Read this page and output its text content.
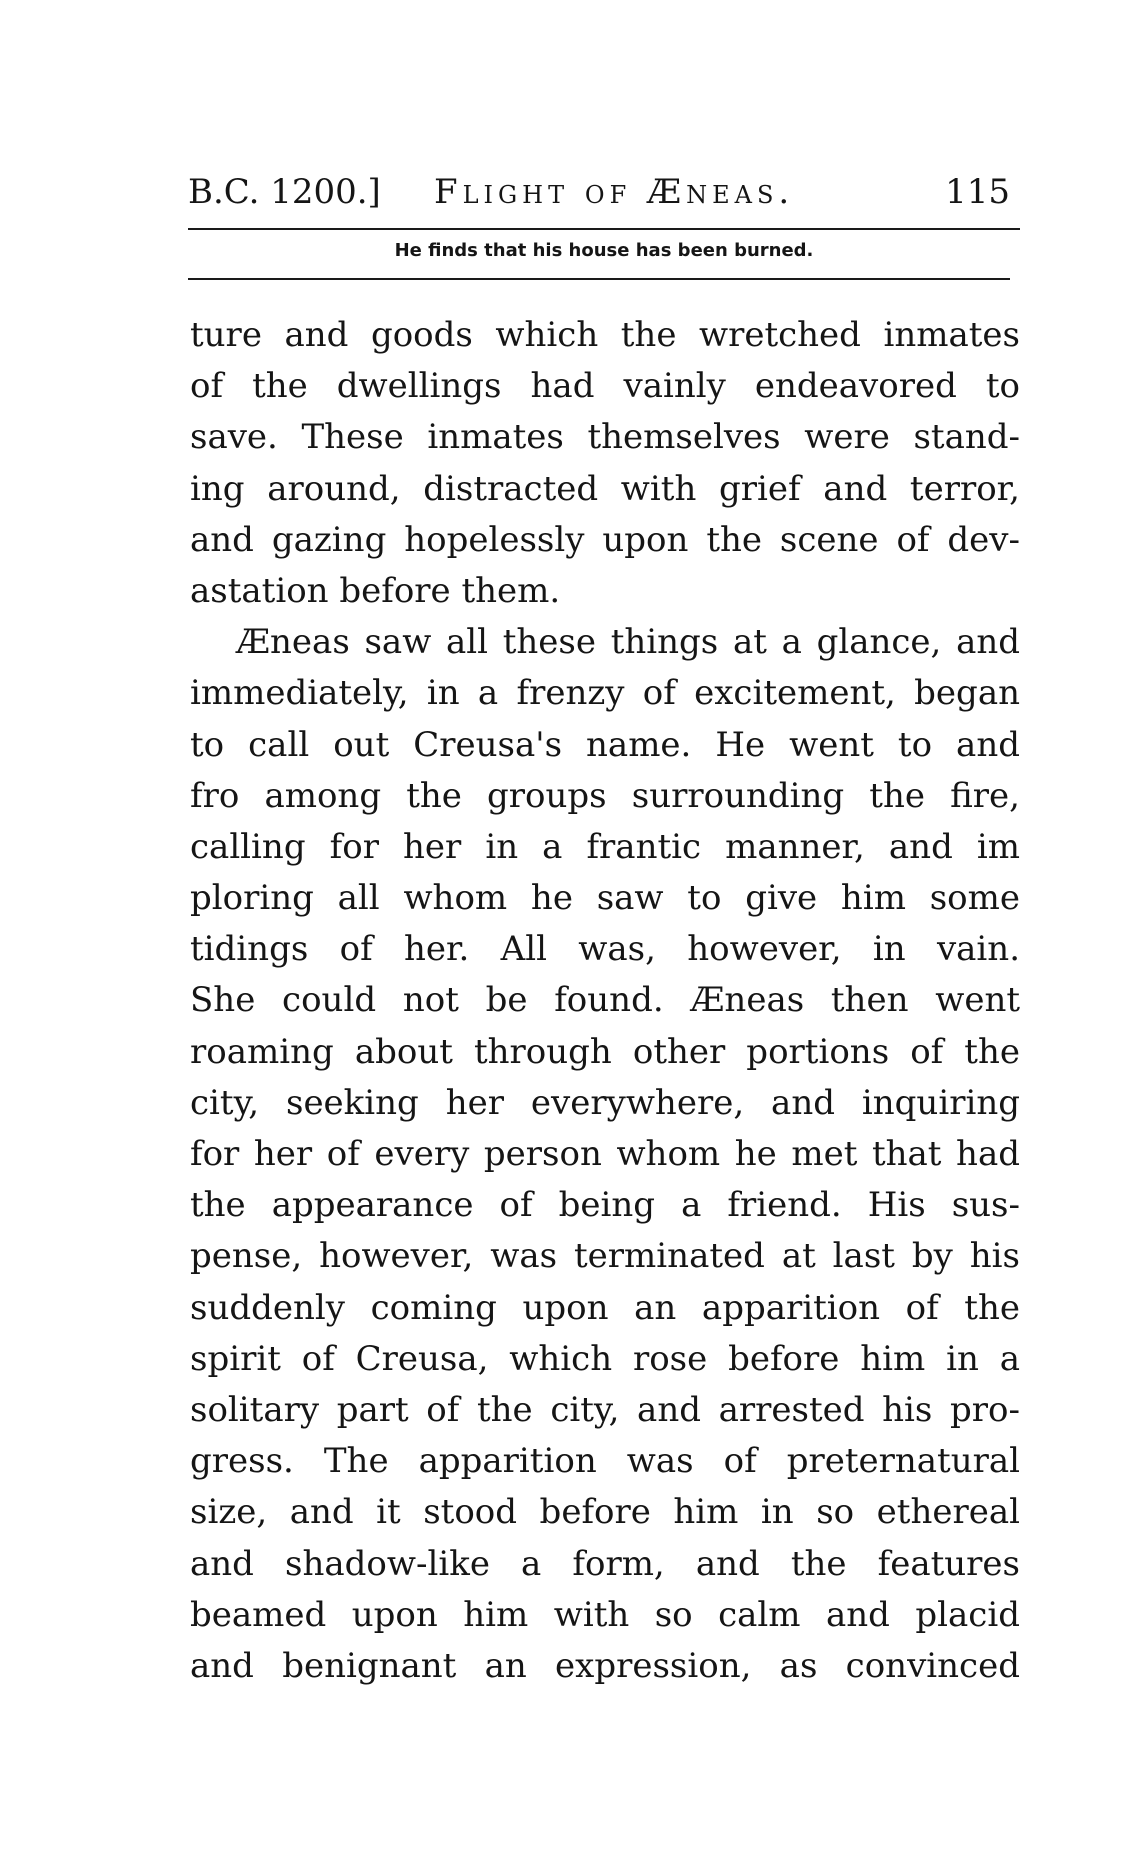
B.C. 1200.] Flight of Æneas.	115
He finds that his house has been burned.
ture and goods which the wretched inmates
of the dwellings had vainly endeavored to
save. These inmates themselves were stand-
ing around, distracted with grief and terror,
and gazing hopelessly upon the scene of dev-
astation before them.
Æneas saw all these things at a glance, and
immediately, in a frenzy of excitement, began
to call out Creusa's name. He went to and
fro among the groups surrounding the fire,
calling for her in a frantic manner, and im
ploring all whom he saw to give him some
tidings of her. All was, however, in vain.
She could not be found. Æneas then went
roaming about through other portions of the
city, seeking her everywhere, and inquiring
for her of every person whom he met that had
the appearance of being a friend. His sus-
pense, however, was terminated at last by his
suddenly coming upon an apparition of the
spirit of Creusa, which rose before him in a
solitary part of the city, and arrested his pro-
gress. The apparition was of preternatural
size, and it stood before him in so ethereal
and shadow-like a form, and the features
beamed upon him with so calm and placid
and benignant an expression, as convinced
